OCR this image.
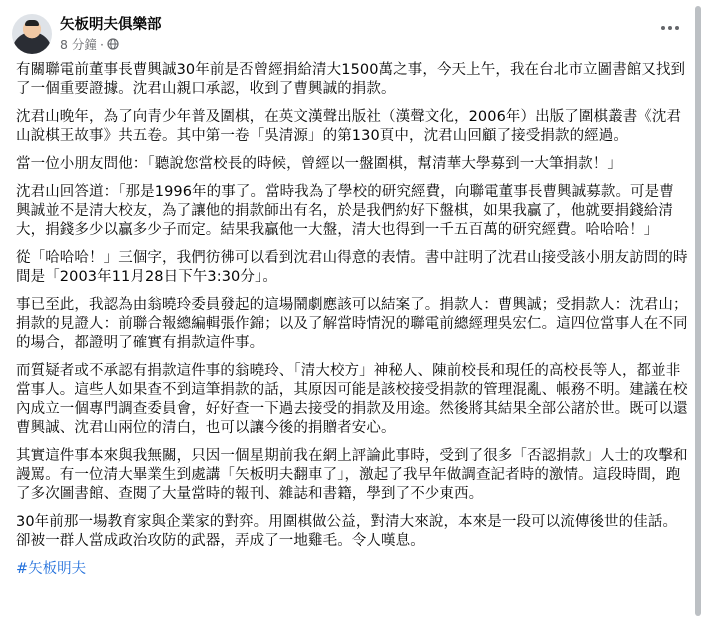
矢板明夫俱樂部
8 分鐘 ·

有關聯電前董事長曹興誠30年前是否曾經捐給清大1500萬之事，今天上午，我在台北市立圖書館又找到了一個重要證據。沈君山親口承認，收到了曹興誠的捐款。

沈君山晚年，為了向青少年普及圍棋，在英文漢聲出版社（漢聲文化，2006年）出版了圍棋叢書《沈君山說棋王故事》共五卷。其中第一卷「吳清源」的第130頁中，沈君山回顧了接受捐款的經過。

當一位小朋友問他：「聽說您當校長的時候，曾經以一盤圍棋，幫清華大學募到一大筆捐款！」

沈君山回答道：「那是1996年的事了。當時我為了學校的研究經費，向聯電董事長曹興誠募款。可是曹興誠並不是清大校友，為了讓他的捐款師出有名，於是我們約好下盤棋，如果我贏了，他就要捐錢給清大，捐錢多少以贏多少子而定。結果我贏他一大盤，清大也得到一千五百萬的研究經費。哈哈哈！」

從「哈哈哈！」三個字，我們彷彿可以看到沈君山得意的表情。書中註明了沈君山接受該小朋友訪問的時間是「2003年11月28日下午3:30分」。

事已至此，我認為由翁曉玲委員發起的這場鬧劇應該可以結案了。捐款人：曹興誠；受捐款人：沈君山；捐款的見證人：前聯合報總編輯張作錦；以及了解當時情況的聯電前總經理吳宏仁。這四位當事人在不同的場合，都證明了確實有捐款這件事。

而質疑者或不承認有捐款這件事的翁曉玲、「清大校方」神秘人、陳前校長和現任的高校長等人，都並非當事人。這些人如果查不到這筆捐款的話，其原因可能是該校接受捐款的管理混亂、帳務不明。建議在校內成立一個專門調查委員會，好好查一下過去接受的捐款及用途。然後將其結果全部公諸於世。既可以還曹興誠、沈君山兩位的清白，也可以讓今後的捐贈者安心。

其實這件事本來與我無關，只因一個星期前我在網上評論此事時，受到了很多「否認捐款」人士的攻擊和謾罵。有一位清大畢業生到處講「矢板明夫翻車了」，激起了我早年做調查記者時的激情。這段時間，跑了多次圖書館、查閱了大量當時的報刊、雜誌和書籍，學到了不少東西。

30年前那一場教育家與企業家的對弈。用圍棋做公益，對清大來說，本來是一段可以流傳後世的佳話。卻被一群人當成政治攻防的武器，弄成了一地雞毛。令人嘆息。

#矢板明夫
